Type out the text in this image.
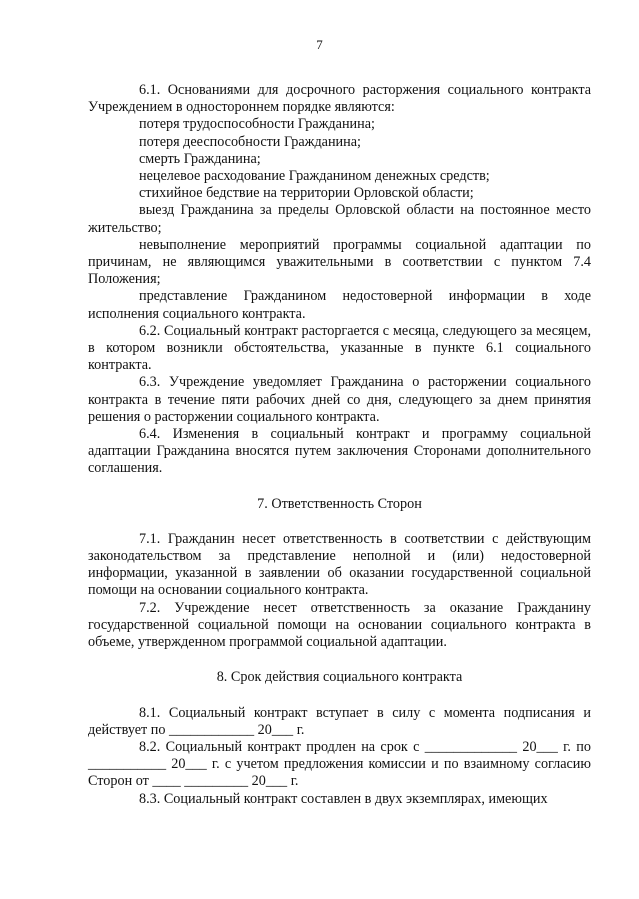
7

6.1. Основаниями для досрочного расторжения социального контракта Учреждением в одностороннем порядке являются:

потеря трудоспособности Гражданина;

потеря дееспособности Гражданина;

смерть Гражданина;

нецелевое расходование Гражданином денежных средств;

стихийное бедствие на территории Орловской области;

выезд Гражданина за пределы Орловской области на постоянное место жительство;

невыполнение мероприятий программы социальной адаптации по причинам, не являющимся уважительными в соответствии с пунктом 7.4 Положения;

представление Гражданином недостоверной информации в ходе исполнения социального контракта.

6.2. Социальный контракт расторгается с месяца, следующего за месяцем, в котором возникли обстоятельства, указанные в пункте 6.1 социального контракта.

6.3. Учреждение уведомляет Гражданина о расторжении социального контракта в течение пяти рабочих дней со дня, следующего за днем принятия решения о расторжении социального контракта.

6.4. Изменения в социальный контракт и программу социальной адаптации Гражданина вносятся путем заключения Сторонами дополнительного соглашения.

7. Ответственность Сторон

7.1. Гражданин несет ответственность в соответствии с действующим законодательством за представление неполной и (или) недостоверной информации, указанной в заявлении об оказании государственной социальной помощи на основании социального контракта.

7.2. Учреждение несет ответственность за оказание Гражданину государственной социальной помощи на основании социального контракта в объеме, утвержденном программой социальной адаптации.

8. Срок действия социального контракта

8.1. Социальный контракт вступает в силу с момента подписания и действует по ____________ 20___ г.

8.2. Социальный контракт продлен на срок с _____________ 20___ г. по ___________ 20___ г. с учетом предложения комиссии и по взаимному согласию Сторон от ____ _________ 20___ г.

8.3. Социальный контракт составлен в двух экземплярах, имеющих
